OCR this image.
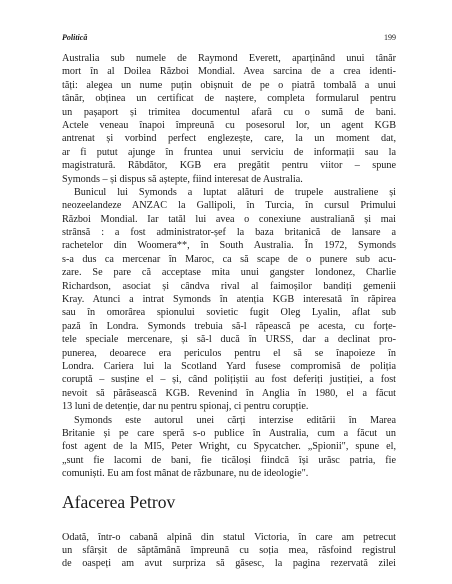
Politică	199
Australia sub numele de Raymond Everett, aparținând unui tânăr
mort în al Doilea Război Mondial. Avea sarcina de a crea identi-
tăți: alegea un nume puțin obișnuit de pe o piatră tombală a unui
tânăr, obținea un certificat de naștere, completa formularul pentru
un pașaport și trimitea documentul afară cu o sumă de bani.
Actele veneau înapoi împreună cu posesorul lor, un agent KGB
antrenat și vorbind perfect englezește, care, la un moment dat,
ar fi putut ajunge în fruntea unui serviciu de informații sau la
magistratură. Răbdător, KGB era pregătit pentru viitor – spune
Symonds – și dispus să aștepte, fiind interesat de Australia.
Bunicul lui Symonds a luptat alături de trupele australiene și
neozeelandeze ANZAC la Gallipoli, în Turcia, în cursul Primului
Război Mondial. Iar tatăl lui avea o conexiune australiană și mai
strânsă : a fost administrator-șef la baza britanică de lansare a
rachetelor din Woomera**, în South Australia. În 1972, Symonds
s-a dus ca mercenar în Maroc, ca să scape de o punere sub acu-
zare. Se pare că acceptase mita unui gangster londonez, Charlie
Richardson, asociat și cândva rival al faimoșilor bandiți gemenii
Kray. Atunci a intrat Symonds în atenția KGB interesată în răpirea
sau în omorârea spionului sovietic fugit Oleg Lyalin, aflat sub
pază în Londra. Symonds trebuia să-l răpească pe acesta, cu forțe-
tele speciale mercenare, și să-l ducă în URSS, dar a declinat pro-
punerea, deoarece era periculos pentru el să se înapoieze în
Londra. Cariera lui la Scotland Yard fusese compromisă de poliția
coruptă – susține el – și, când polițiștii au fost deferiți justiției, a fost
nevoit să părăsească KGB. Revenind în Anglia în 1980, el a făcut
13 luni de detenție, dar nu pentru spionaj, ci pentru corupție.
Symonds este autorul unei cărți interzise editării în Marea
Britanie și pe care speră s-o publice în Australia, cum a făcut un
fost agent de la MI5, Peter Wright, cu Spycatcher. „Spionii", spune el,
„sunt fie lacomi de bani, fie ticăloși fiindcă își urăsc patria, fie
comuniști. Eu am fost mânat de răzbunare, nu de ideologie".
Afacerea Petrov
Odată, într-o cabană alpină din statul Victoria, în care am petrecut
un sfârșit de săptămână împreună cu soția mea, răsfoind registrul
de oaspeți am avut surpriza să găsesc, la pagina rezervată zilei
